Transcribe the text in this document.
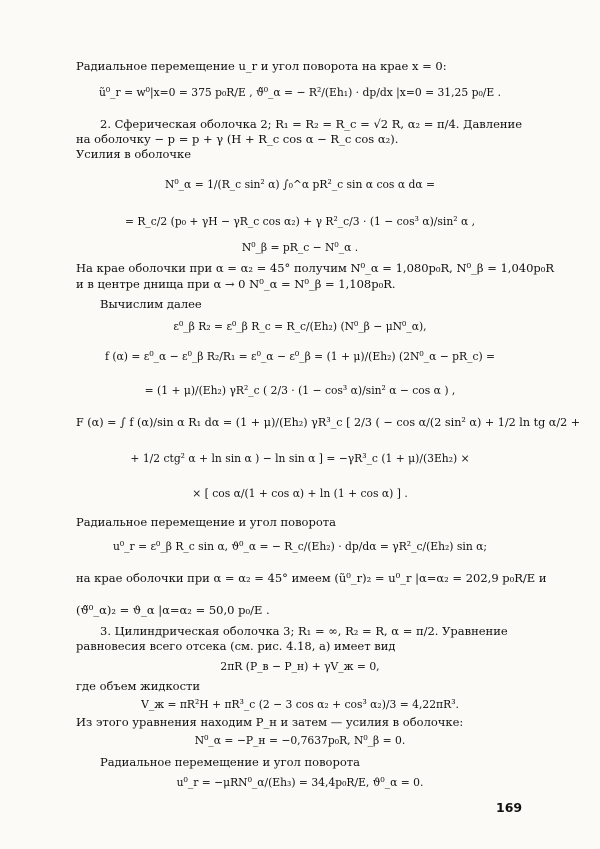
Радиальное перемещение u_r и угол поворота на крае x = 0:
ũ⁰_r = w⁰|x=0 = 375 p₀R/E , ϑ̃⁰_α = − R²/(Eh₁) · dp/dx |x=0 = 31,25 p₀/E .
2. Сферическая оболочка 2; R₁ = R₂ = R_c = √2 R, α₂ = π/4. Давление
на оболочку − p = p + γ (H + R_c cos α − R_c cos α₂).
Усилия в оболочке
N⁰_α = 1/(R_c sin² α) ∫₀^α pR²_c sin α cos α dα =
= R_c/2 (p₀ + γH − γR_c cos α₂) + γ R²_c/3 · (1 − cos³ α)/sin² α ,
N⁰_β = pR_c − N⁰_α .
На крае оболочки при α = α₂ = 45° получим N⁰_α = 1,080p₀R, N⁰_β = 1,040p₀R
и в центре днища при α → 0 N⁰_α = N⁰_β = 1,108p₀R.
Вычислим далее
ε⁰_β R₂ = ε⁰_β R_c = R_c/(Eh₂) (N⁰_β − μN⁰_α),
f (α) = ε⁰_α − ε⁰_β R₂/R₁ = ε⁰_α − ε⁰_β = (1 + μ)/(Eh₂) (2N⁰_α − pR_c) =
= (1 + μ)/(Eh₂) γR²_c ( 2/3 · (1 − cos³ α)/sin² α − cos α ) ,
F (α) = ∫ f (α)/sin α R₁ dα = (1 + μ)/(Eh₂) γR³_c [ 2/3 ( − cos α/(2 sin² α) + 1/2 ln tg α/2 +
+ 1/2 ctg² α + ln sin α ) − ln sin α ] = −γR³_c (1 + μ)/(3Eh₂) ×
× [ cos α/(1 + cos α) + ln (1 + cos α) ] .
Радиальное перемещение и угол поворота
u⁰_r = ε⁰_β R_c sin α, ϑ⁰_α = − R_c/(Eh₂) · dp/dα = γR²_c/(Eh₂) sin α;
на крае оболочки при α = α₂ = 45° имеем (ũ⁰_r)₂ = u⁰_r |α=α₂ = 202,9 p₀R/E и
(ϑ̃⁰_α)₂ = ϑ_α |α=α₂ = 50,0 p₀/E .
3. Цилиндрическая оболочка 3; R₁ = ∞, R₂ = R, α = π/2. Уравнение
равновесия всего отсека (см. рис. 4.18, а) имеет вид
2πR (P_в − P_н) + γV_ж = 0,
где объем жидкости
V_ж = πR²H + πR³_c (2 − 3 cos α₂ + cos³ α₂)/3 = 4,22πR³.
Из этого уравнения находим P_н и затем — усилия в оболочке:
N⁰_α = −P_н = −0,7637p₀R, N⁰_β = 0.
Радиальное перемещение и угол поворота
u⁰_r = −μRN⁰_α/(Eh₃) = 34,4p₀R/E, ϑ⁰_α = 0.
169
